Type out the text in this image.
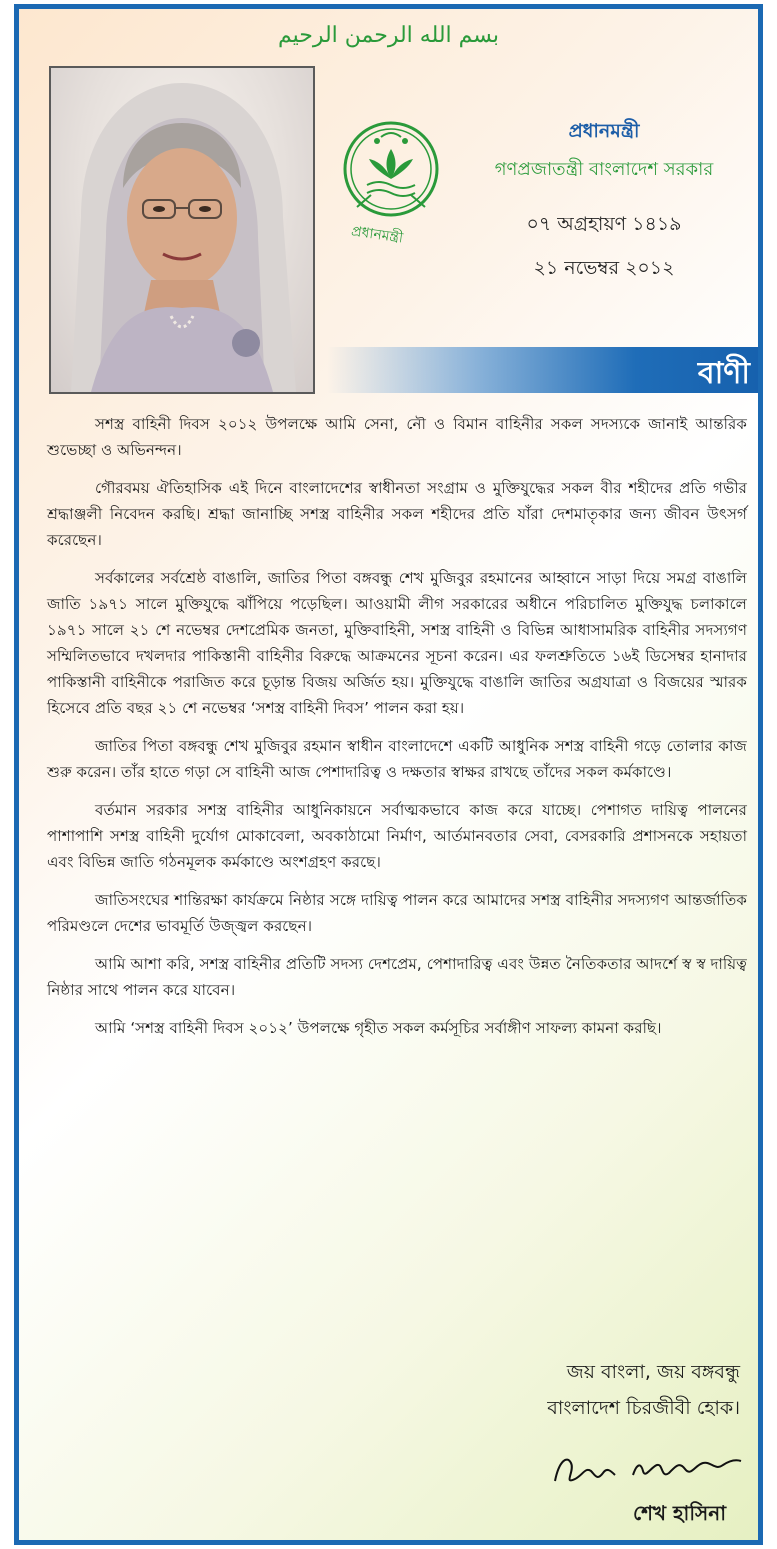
بسم الله الرحمن الرحيم
প্রধানমন্ত্রী
প্রধানমন্ত্রী
গণপ্রজাতন্ত্রী বাংলাদেশ সরকার
০৭ অগ্রহায়ণ ১৪১৯
২১ নভেম্বর ২০১২
বাণী

সশস্ত্র বাহিনী দিবস ২০১২ উপলক্ষে আমি সেনা, নৌ ও বিমান বাহিনীর সকল সদস্যকে জানাই আন্তরিক শুভেচ্ছা ও অভিনন্দন।

গৌরবময় ঐতিহাসিক এই দিনে বাংলাদেশের স্বাধীনতা সংগ্রাম ও মুক্তিযুদ্ধের সকল বীর শহীদের প্রতি গভীর শ্রদ্ধাঞ্জলী নিবেদন করছি। শ্রদ্ধা জানাচ্ছি সশস্ত্র বাহিনীর সকল শহীদের প্রতি যাঁরা দেশমাতৃকার জন্য জীবন উৎসর্গ করেছেন।

সর্বকালের সর্বশ্রেষ্ঠ বাঙালি, জাতির পিতা বঙ্গবন্ধু শেখ মুজিবুর রহমানের আহ্বানে সাড়া দিয়ে সমগ্র বাঙালি জাতি ১৯৭১ সালে মুক্তিযুদ্ধে ঝাঁপিয়ে পড়েছিল। আওয়ামী লীগ সরকারের অধীনে পরিচালিত মুক্তিযুদ্ধ চলাকালে ১৯৭১ সালে ২১ শে নভেম্বর দেশপ্রেমিক জনতা, মুক্তিবাহিনী, সশস্ত্র বাহিনী ও বিভিন্ন আধাসামরিক বাহিনীর সদস্যগণ সম্মিলিতভাবে দখলদার পাকিস্তানী বাহিনীর বিরুদ্ধে আক্রমনের সূচনা করেন। এর ফলশ্রুতিতে ১৬ই ডিসেম্বর হানাদার পাকিস্তানী বাহিনীকে পরাজিত করে চূড়ান্ত বিজয় অর্জিত হয়। মুক্তিযুদ্ধে বাঙালি জাতির অগ্রযাত্রা ও বিজয়ের স্মারক হিসেবে প্রতি বছর ২১ শে নভেম্বর ‘সশস্ত্র বাহিনী দিবস’ পালন করা হয়।

জাতির পিতা বঙ্গবন্ধু শেখ মুজিবুর রহমান স্বাধীন বাংলাদেশে একটি আধুনিক সশস্ত্র বাহিনী গড়ে তোলার কাজ শুরু করেন। তাঁর হাতে গড়া সে বাহিনী আজ পেশাদারিত্ব ও দক্ষতার স্বাক্ষর রাখছে তাঁদের সকল কর্মকাণ্ডে।

বর্তমান সরকার সশস্ত্র বাহিনীর আধুনিকায়নে সর্বাত্মকভাবে কাজ করে যাচ্ছে। পেশাগত দায়িত্ব পালনের পাশাপাশি সশস্ত্র বাহিনী দুর্যোগ মোকাবেলা, অবকাঠামো নির্মাণ, আর্তমানবতার সেবা, বেসরকারি প্রশাসনকে সহায়তা এবং বিভিন্ন জাতি গঠনমূলক কর্মকাণ্ডে অংশগ্রহণ করছে।

জাতিসংঘের শান্তিরক্ষা কার্যক্রমে নিষ্ঠার সঙ্গে দায়িত্ব পালন করে আমাদের সশস্ত্র বাহিনীর সদস্যগণ আন্তর্জাতিক পরিমণ্ডলে দেশের ভাবমূর্তি উজ্জ্বল করছেন।

আমি আশা করি, সশস্ত্র বাহিনীর প্রতিটি সদস্য দেশপ্রেম, পেশাদারিত্ব এবং উন্নত নৈতিকতার আদর্শে স্ব স্ব দায়িত্ব নিষ্ঠার সাথে পালন করে যাবেন।

আমি ‘সশস্ত্র বাহিনী দিবস ২০১২’ উপলক্ষে গৃহীত সকল কর্মসূচির সর্বাঙ্গীণ সাফল্য কামনা করছি।

জয় বাংলা, জয় বঙ্গবন্ধু
বাংলাদেশ চিরজীবী হোক।
শেখ হাসিনা
